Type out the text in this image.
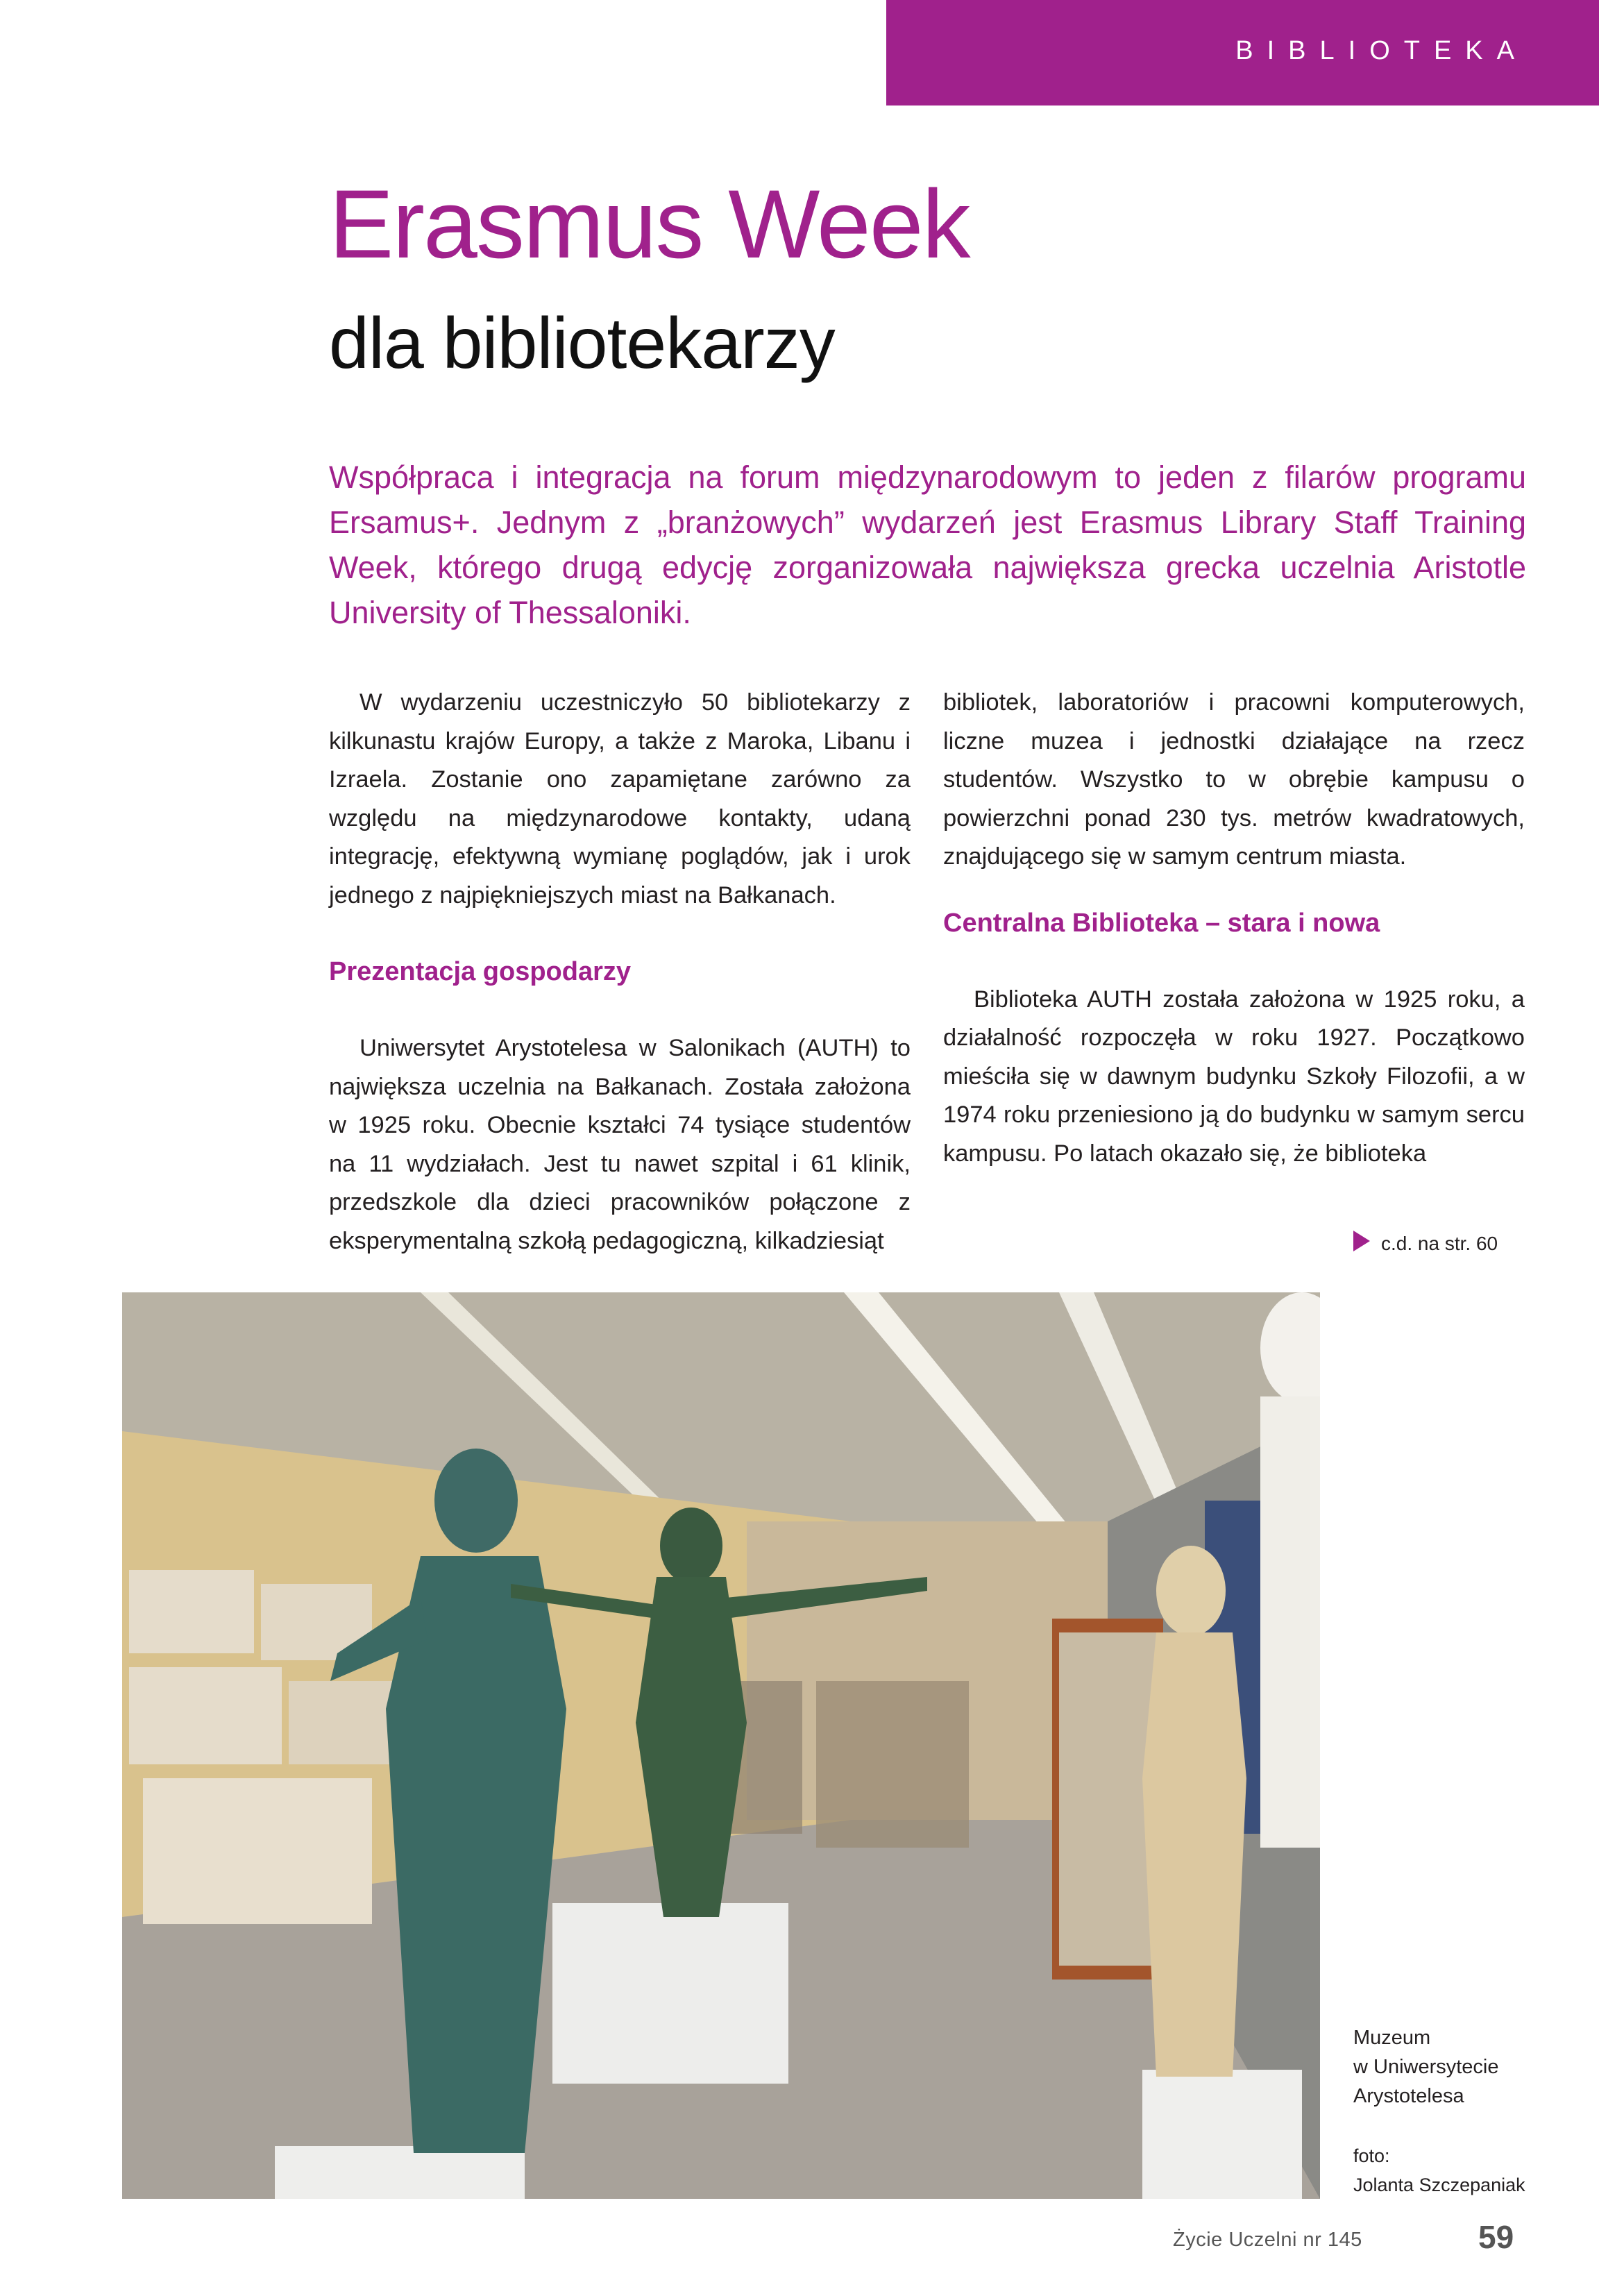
BIBLIOTEKA
Erasmus Week
dla bibliotekarzy

Współpraca i integracja na forum międzynarodowym to jeden z filarów programu Ersamus+. Jednym z „branżowych” wydarzeń jest Erasmus Library Staff Training Week, którego drugą edycję zorganizowała największa grecka uczelnia Aristotle University of Thessaloniki.

W wydarzeniu uczestniczyło 50 bibliotekarzy z kilkunastu krajów Europy, a także z Maroka, Libanu i Izraela. Zostanie ono zapamiętane zarówno za względu na międzynarodowe kontakty, udaną integrację, efektywną wymianę poglądów, jak i urok jednego z najpiękniejszych miast na Bałkanach.

Prezentacja gospodarzy

Uniwersytet Arystotelesa w Salonikach (AUTH) to największa uczelnia na Bałkanach. Została założona w 1925 roku. Obecnie kształci 74 tysiące studentów na 11 wydziałach. Jest tu nawet szpital i 61 klinik, przedszkole dla dzieci pracowników połączone z eksperymentalną szkołą pedagogiczną, kilkadziesiąt

bibliotek, laboratoriów i pracowni komputerowych, liczne muzea i jednostki działające na rzecz studentów. Wszystko to w obrębie kampusu o powierzchni ponad 230 tys. metrów kwadratowych, znajdującego się w samym centrum miasta.

Centralna Biblioteka – stara i nowa

Biblioteka AUTH została założona w 1925 roku, a działalność rozpoczęła w roku 1927. Początkowo mieściła się w dawnym budynku Szkoły Filozofii, a w 1974 roku przeniesiono ją do budynku w samym sercu kampusu. Po latach okazało się, że biblioteka

c.d. na str. 60
Muzeum
w Uniwersytecie
Arystotelesa
foto:
Jolanta Szczepaniak
Życie Uczelni nr 145	59
